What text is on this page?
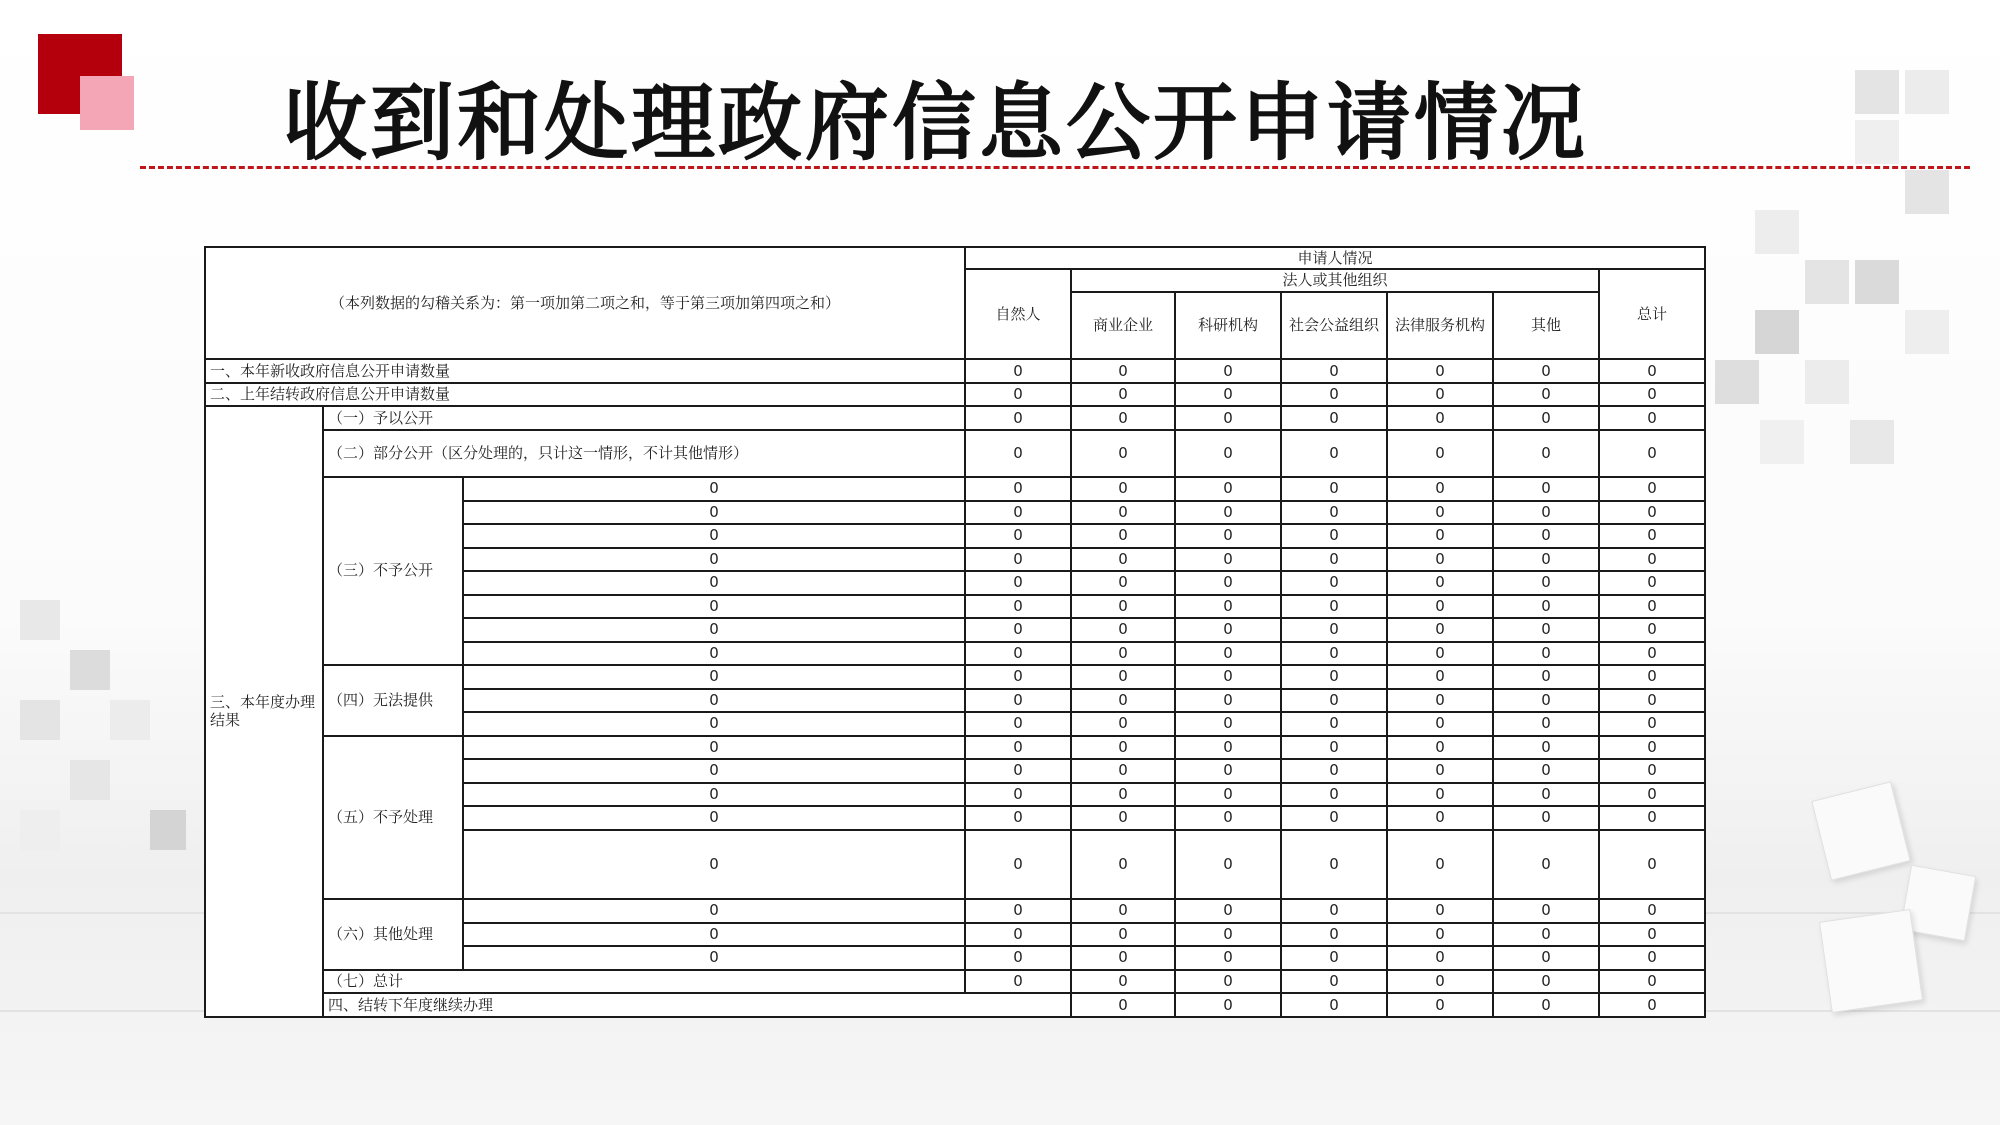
收到和处理政府信息公开申请情况
（本列数据的勾稽关系为：第一项加第二项之和，等于第三项加第四项之和）			申请人情况							
			自然人	法人或其他组织					总计	
				商业企业	科研机构	社会公益组织	法律服务机构	其他		
一、本年新收政府信息公开申请数量			0	0	0	0	0	0	0	
二、上年结转政府信息公开申请数量			0	0	0	0	0	0	0	
三、本年度办理结果	（一）予以公开		0	0	0	0	0	0	0	
	（二）部分公开（区分处理的，只计这一情形，不计其他情形）		0	0	0	0	0	0	0	
	（三）不予公开	0	0	0	0	0	0	0	0	
		0	0	0	0	0	0	0	0	
		0	0	0	0	0	0	0	0	
		0	0	0	0	0	0	0	0	
		0	0	0	0	0	0	0	0	
		0	0	0	0	0	0	0	0	
		0	0	0	0	0	0	0	0	
		0	0	0	0	0	0	0	0	
	（四）无法提供	0	0	0	0	0	0	0	0	
		0	0	0	0	0	0	0	0	
		0	0	0	0	0	0	0	0	
	（五）不予处理	0	0	0	0	0	0	0	0	
		0	0	0	0	0	0	0	0	
		0	0	0	0	0	0	0	0	
		0	0	0	0	0	0	0	0	
		0	0	0	0	0	0	0	0	
	（六）其他处理	0	0	0	0	0	0	0	0	
		0	0	0	0	0	0	0	0	
		0	0	0	0	0	0	0	0	
	（七）总计		0	0	0	0	0	0	0	
	四、结转下年度继续办理			0	0	0	0	0	0	
